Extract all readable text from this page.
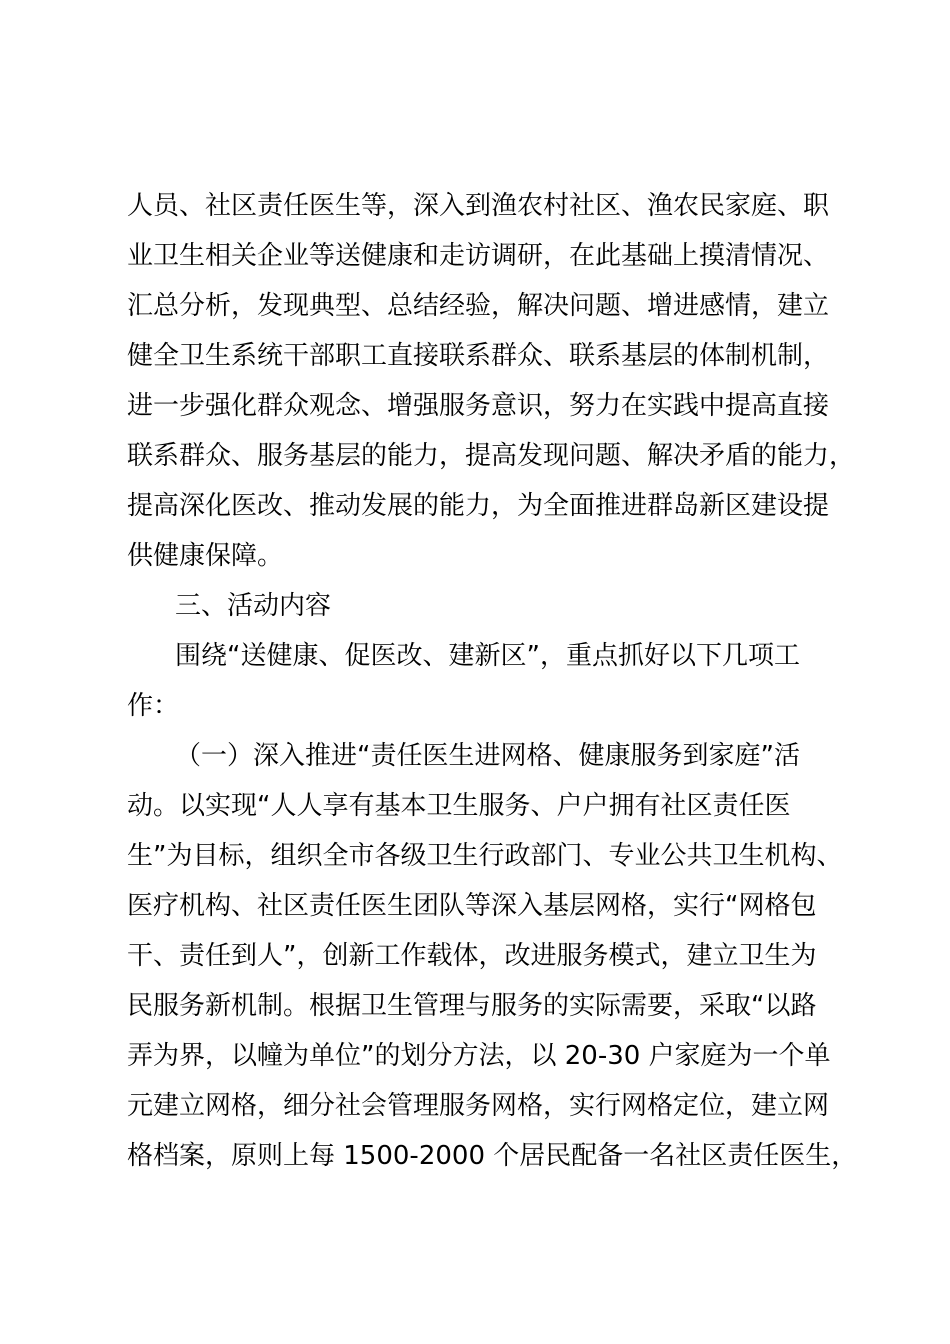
人员、社区责任医生等，深入到渔农村社区、渔农民家庭、职
业卫生相关企业等送健康和走访调研，在此基础上摸清情况、
汇总分析，发现典型、总结经验，解决问题、增进感情，建立
健全卫生系统干部职工直接联系群众、联系基层的体制机制，
进一步强化群众观念、增强服务意识，努力在实践中提高直接
联系群众、服务基层的能力，提高发现问题、解决矛盾的能力，
提高深化医改、推动发展的能力，为全面推进群岛新区建设提
供健康保障。
三、活动内容
围绕“送健康、促医改、建新区”，重点抓好以下几项工
作：
（一）深入推进“责任医生进网格、健康服务到家庭”活
动。以实现“人人享有基本卫生服务、户户拥有社区责任医
生”为目标，组织全市各级卫生行政部门、专业公共卫生机构、
医疗机构、社区责任医生团队等深入基层网格，实行“网格包
干、责任到人”，创新工作载体，改进服务模式，建立卫生为
民服务新机制。根据卫生管理与服务的实际需要，采取“以路
弄为界，以幢为单位”的划分方法，以 20-30 户家庭为一个单
元建立网格，细分社会管理服务网格，实行网格定位，建立网
格档案，原则上每 1500-2000 个居民配备一名社区责任医生，
